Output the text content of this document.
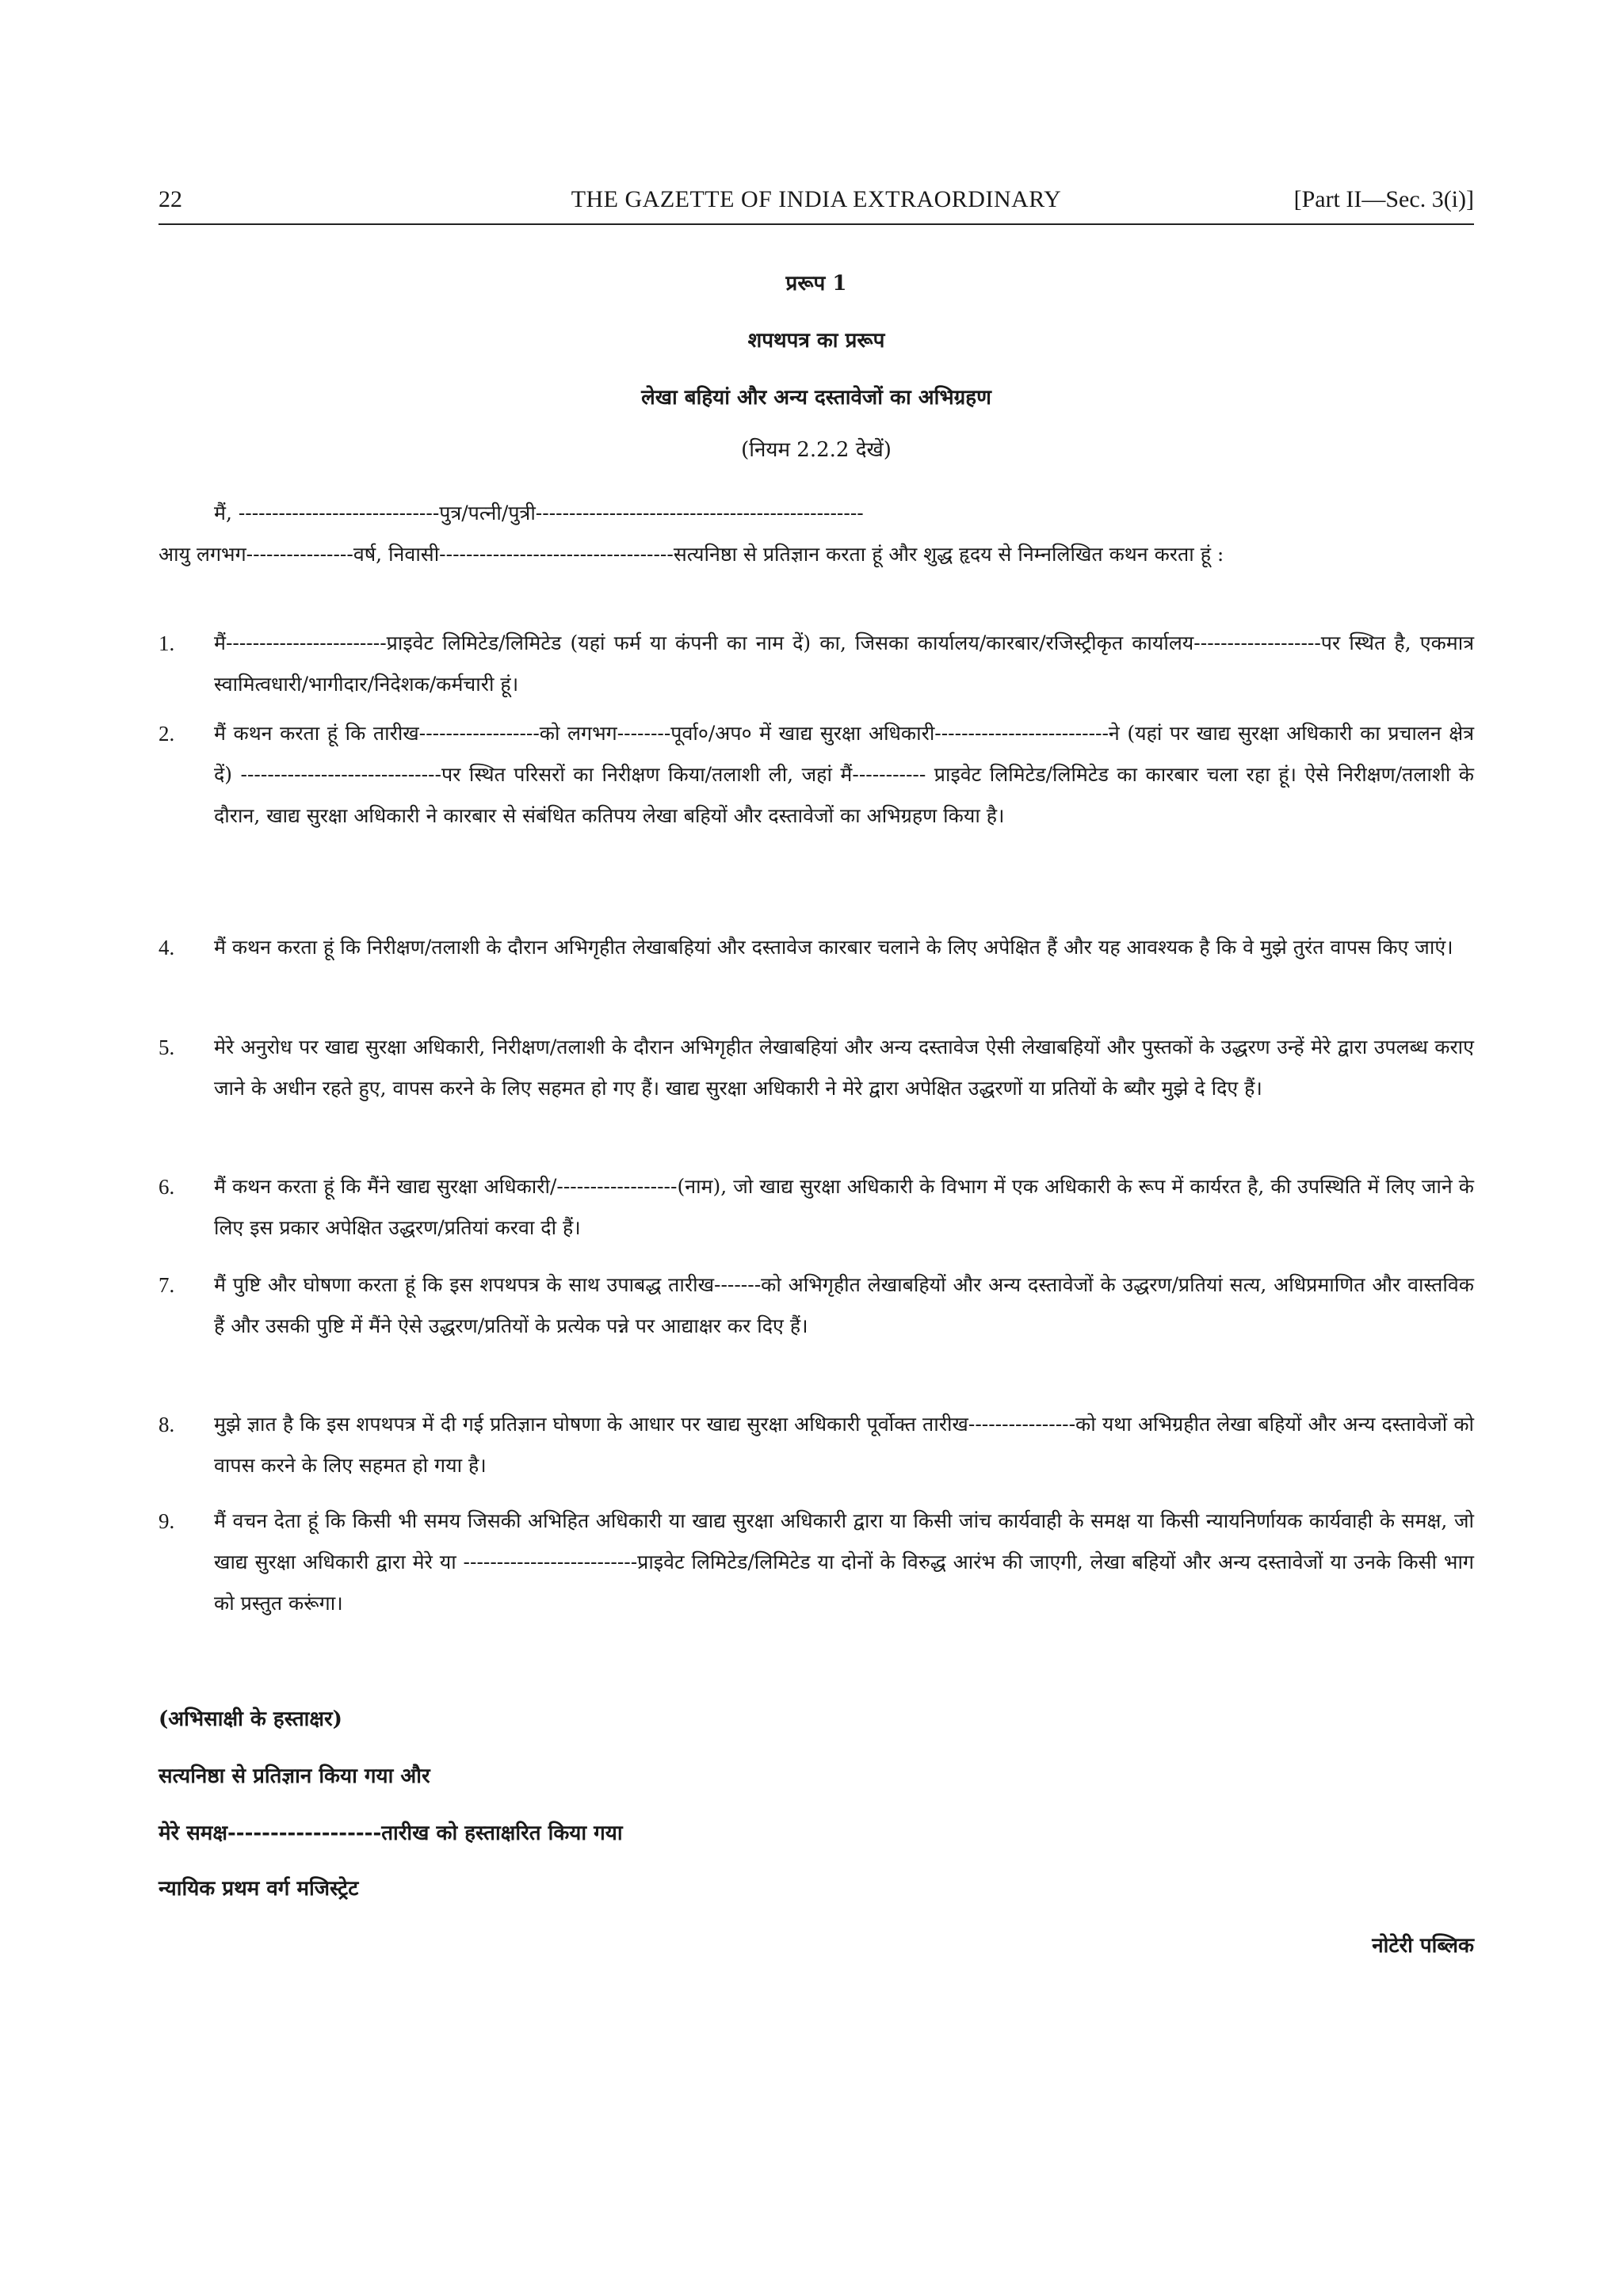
22	THE GAZETTE OF INDIA EXTRAORDINARY	[Part II—Sec. 3(i)]
प्ररूप 1
शपथपत्र का प्ररूप
लेखा बहियां और अन्य दस्तावेजों का अभिग्रहण
(नियम 2.2.2 देखें)
मैं, ------------------------------पुत्र/पत्नी/पुत्री-------------------------------------------------
आयु लगभग----------------वर्ष, निवासी-----------------------------------सत्यनिष्ठा से प्रतिज्ञान करता हूं और शुद्ध हृदय से निम्नलिखित कथन करता हूं :
1.	मैं------------------------प्राइवेट लिमिटेड/लिमिटेड (यहां फर्म या कंपनी का नाम दें) का, जिसका कार्यालय/कारबार/रजिस्ट्रीकृत कार्यालय-------------------पर स्थित है, एकमात्र स्वामित्वधारी/भागीदार/निदेशक/कर्मचारी हूं।
2.	मैं कथन करता हूं कि तारीख------------------को लगभग--------पूर्वा०/अप० में खाद्य सुरक्षा अधिकारी--------------------------ने (यहां पर खाद्य सुरक्षा अधिकारी का प्रचालन क्षेत्र दें) ------------------------------पर स्थित परिसरों का निरीक्षण किया/तलाशी ली, जहां मैं----------- प्राइवेट लिमिटेड/लिमिटेड का कारबार चला रहा हूं। ऐसे निरीक्षण/तलाशी के दौरान, खाद्य सुरक्षा अधिकारी ने कारबार से संबंधित कतिपय लेखा बहियों और दस्तावेजों का अभिग्रहण किया है।
4.	मैं कथन करता हूं कि निरीक्षण/तलाशी के दौरान अभिगृहीत लेखाबहियां और दस्तावेज कारबार चलाने के लिए अपेक्षित हैं और यह आवश्यक है कि वे मुझे तुरंत वापस किए जाएं।
5.	मेरे अनुरोध पर खाद्य सुरक्षा अधिकारी, निरीक्षण/तलाशी के दौरान अभिगृहीत लेखाबहियां और अन्य दस्तावेज ऐसी लेखाबहियों और पुस्तकों के उद्धरण उन्हें मेरे द्वारा उपलब्ध कराए जाने के अधीन रहते हुए, वापस करने के लिए सहमत हो गए हैं। खाद्य सुरक्षा अधिकारी ने मेरे द्वारा अपेक्षित उद्धरणों या प्रतियों के ब्यौर मुझे दे दिए हैं।
6.	मैं कथन करता हूं कि मैंने खाद्य सुरक्षा अधिकारी/------------------(नाम), जो खाद्य सुरक्षा अधिकारी के विभाग में एक अधिकारी के रूप में कार्यरत है, की उपस्थिति में लिए जाने के लिए इस प्रकार अपेक्षित उद्धरण/प्रतियां करवा दी हैं।
7.	मैं पुष्टि और घोषणा करता हूं कि इस शपथपत्र के साथ उपाबद्ध तारीख-------को अभिगृहीत लेखाबहियों और अन्य दस्तावेजों के उद्धरण/प्रतियां सत्य, अधिप्रमाणित और वास्तविक हैं और उसकी पुष्टि में मैंने ऐसे उद्धरण/प्रतियों के प्रत्येक पन्ने पर आद्याक्षर कर दिए हैं।
8.	मुझे ज्ञात है कि इस शपथपत्र में दी गई प्रतिज्ञान घोषणा के आधार पर खाद्य सुरक्षा अधिकारी पूर्वोक्त तारीख----------------को यथा अभिग्रहीत लेखा बहियों और अन्य दस्तावेजों को वापस करने के लिए सहमत हो गया है।
9.	मैं वचन देता हूं कि किसी भी समय जिसकी अभिहित अधिकारी या खाद्य सुरक्षा अधिकारी द्वारा या किसी जांच कार्यवाही के समक्ष या किसी न्यायनिर्णायक कार्यवाही के समक्ष, जो खाद्य सुरक्षा अधिकारी द्वारा मेरे या --------------------------प्राइवेट लिमिटेड/लिमिटेड या दोनों के विरुद्ध आरंभ की जाएगी, लेखा बहियों और अन्य दस्तावेजों या उनके किसी भाग को प्रस्तुत करूंगा।
(अभिसाक्षी के हस्ताक्षर)
सत्यनिष्ठा से प्रतिज्ञान किया गया और
मेरे समक्ष------------------तारीख को हस्ताक्षरित किया गया
न्यायिक प्रथम वर्ग मजिस्ट्रेट
नोटेरी पब्लिक
